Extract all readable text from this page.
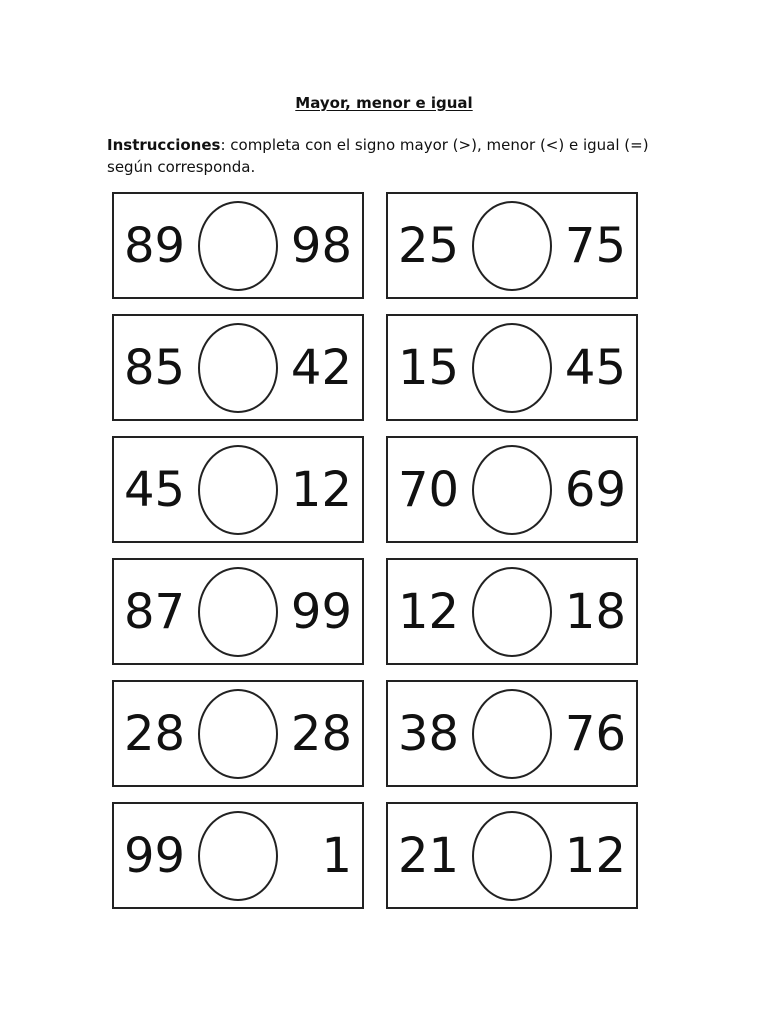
Mayor, menor e igual
Instrucciones: completa con el signo mayor (>), menor (<) e igual (=) según corresponda.
89 98 25 75
85 42 15 45
45 12 70 69
87 99 12 18
28 28 38 76
99	1 21 12
